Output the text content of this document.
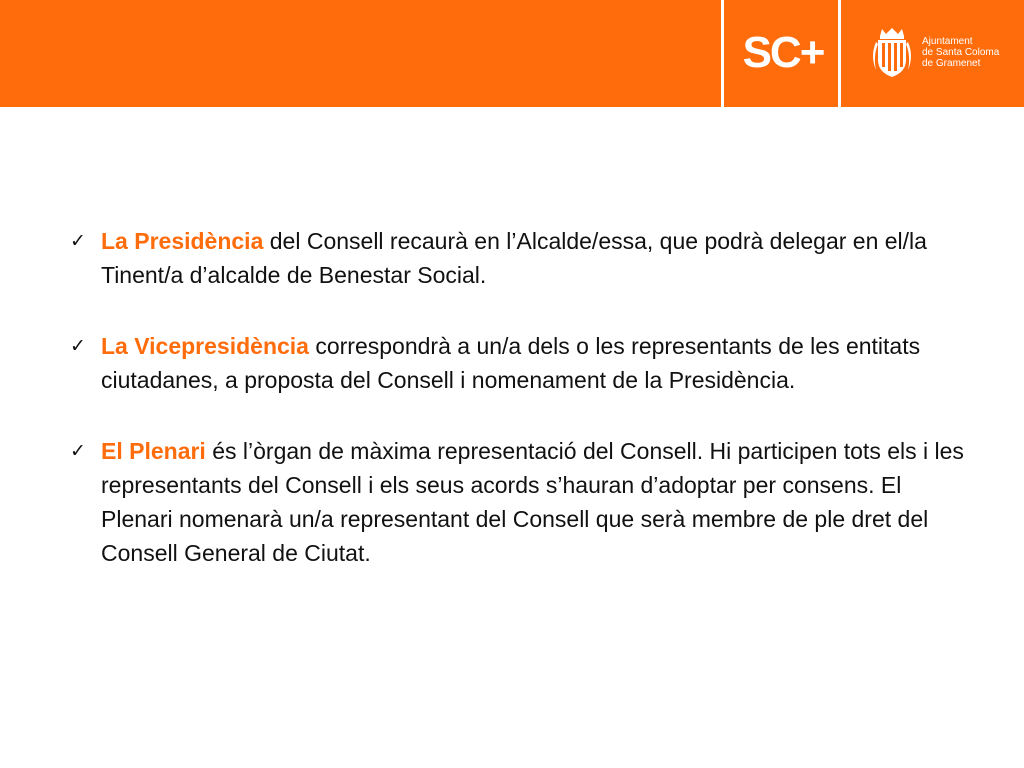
SC+	Ajuntament
de Santa Coloma
de Gramenet
✓ La Presidència del Consell recaurà en l’Alcalde/essa, que podrà delegar en el/la Tinent/a d’alcalde de Benestar Social.
✓ La Vicepresidència correspondrà a un/a dels o les representants de les entitats ciutadanes, a proposta del Consell i nomenament de la Presidència.
✓ El Plenari és l’òrgan de màxima representació del Consell. Hi participen tots els i les representants del Consell i els seus acords s’hauran d’adoptar per consens. El Plenari nomenarà un/a representant del Consell que serà membre de ple dret del Consell General de Ciutat.
